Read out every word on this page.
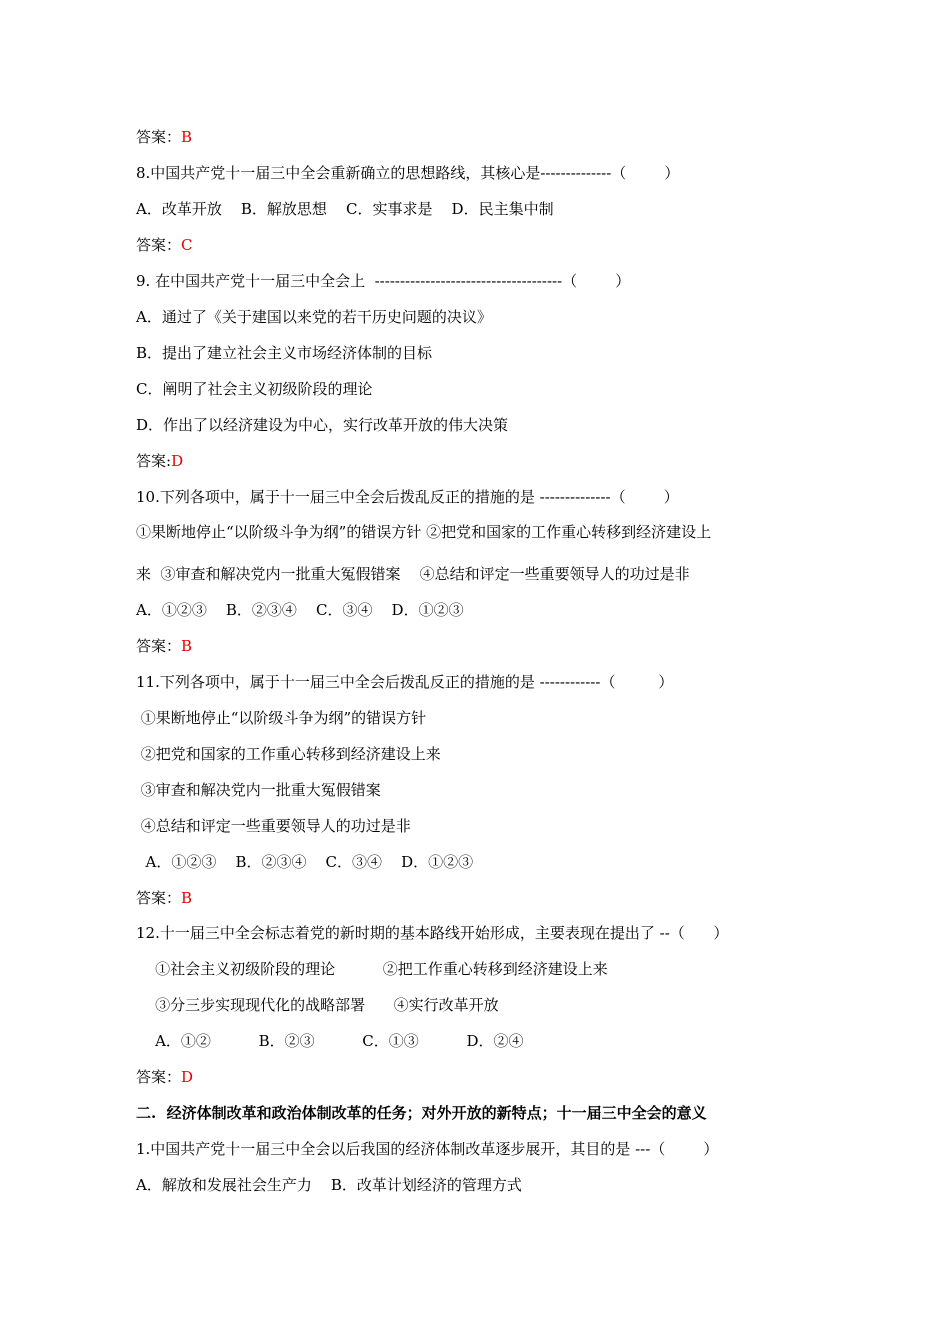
答案：B
8.中国共产党十一届三中全会重新确立的思想路线，其核心是--------------（        ）
A．改革开放    B．解放思想    C．实事求是    D．民主集中制
答案：C
9. 在中国共产党十一届三中全会上  -------------------------------------（        ）
A．通过了《关于建国以来党的若干历史问题的决议》
B．提出了建立社会主义市场经济体制的目标
C．阐明了社会主义初级阶段的理论
D．作出了以经济建设为中心，实行改革开放的伟大决策
答案:D
10.下列各项中，属于十一届三中全会后拨乱反正的措施的是 --------------（        ）
①果断地停止“以阶级斗争为纲”的错误方针 ②把党和国家的工作重心转移到经济建设上
来  ③审查和解决党内一批重大冤假错案    ④总结和评定一些重要领导人的功过是非
A．①②③    B．②③④    C．③④    D．①②③
答案：B
11.下列各项中，属于十一届三中全会后拨乱反正的措施的是 ------------（         ）
①果断地停止“以阶级斗争为纲”的错误方针
②把党和国家的工作重心转移到经济建设上来
③审查和解决党内一批重大冤假错案
④总结和评定一些重要领导人的功过是非
A．①②③    B．②③④    C．③④    D．①②③
答案：B
12.十一届三中全会标志着党的新时期的基本路线开始形成，主要表现在提出了 --（      ）
①社会主义初级阶段的理论          ②把工作重心转移到经济建设上来
③分三步实现现代化的战略部署      ④实行改革开放
A．①②          B．②③          C．①③          D．②④
答案：D
二.  经济体制改革和政治体制改革的任务；对外开放的新特点；十一届三中全会的意义
1.中国共产党十一届三中全会以后我国的经济体制改革逐步展开，其目的是 ---（        ）
A．解放和发展社会生产力    B．改革计划经济的管理方式
